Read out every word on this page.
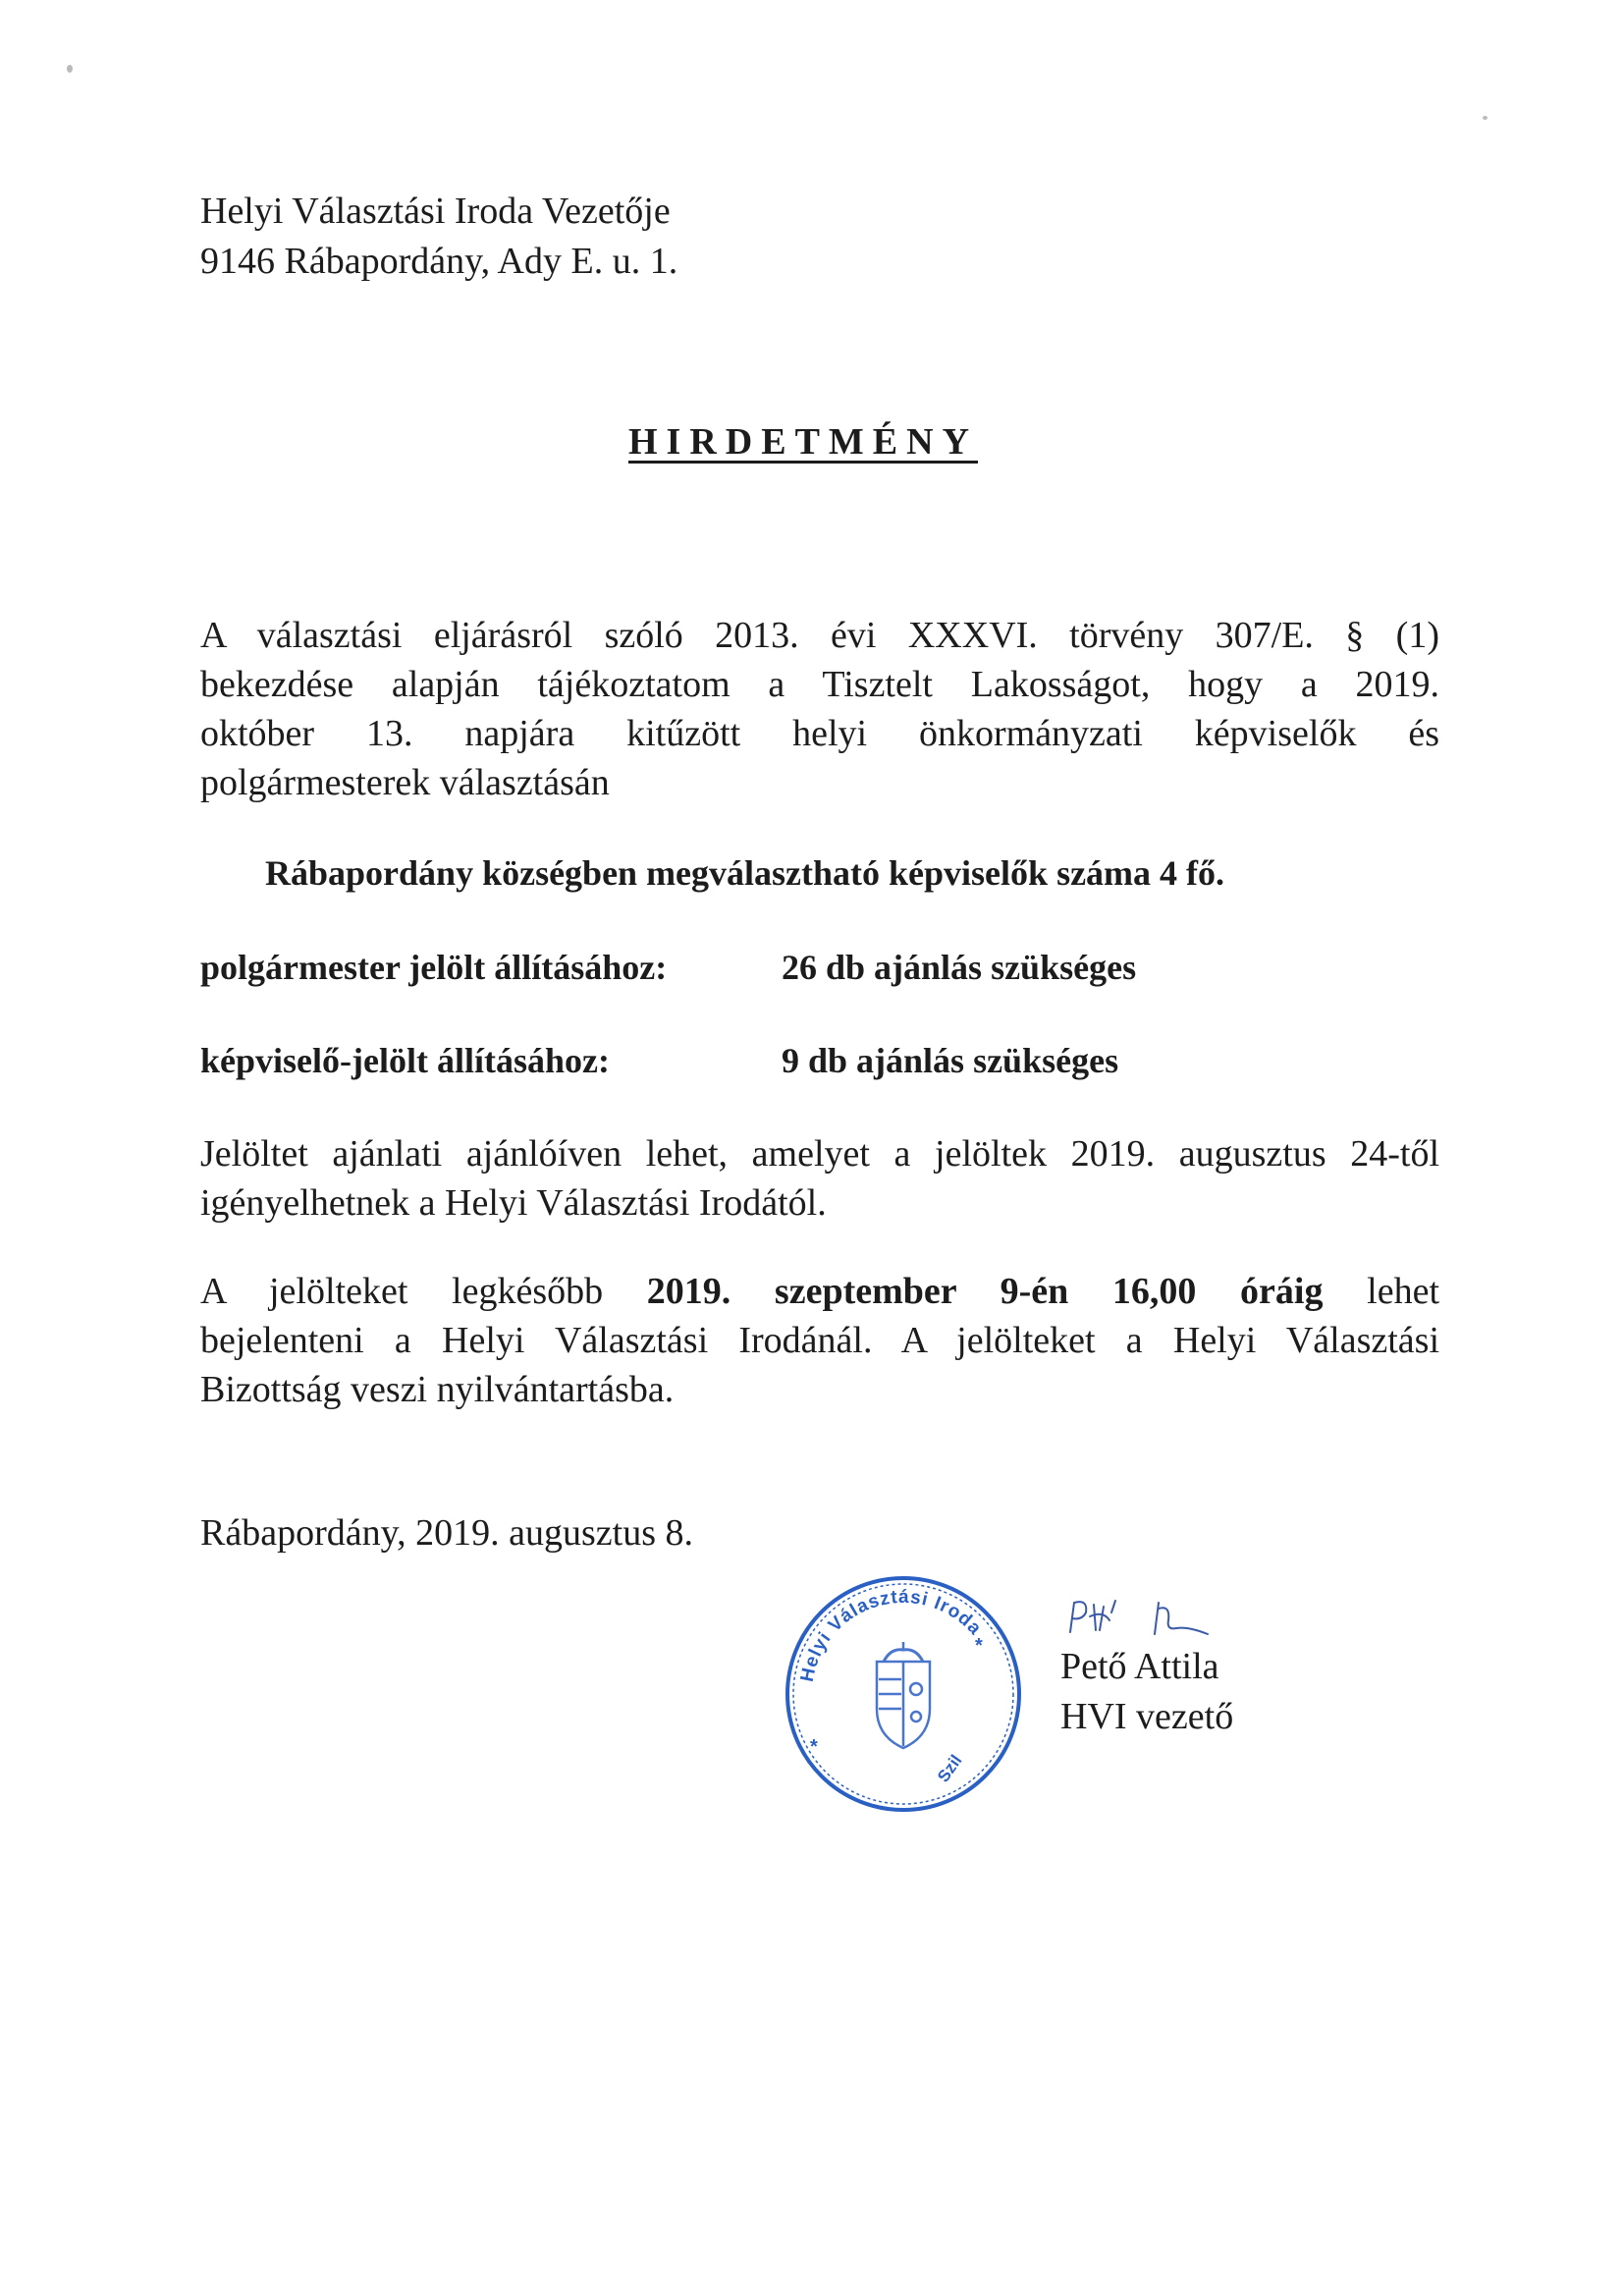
Helyi Választási Iroda Vezetője
9146 Rábapordány, Ady E. u. 1.
HIRDETMÉNY
A választási eljárásról szóló 2013. évi XXXVI. törvény 307/E. § (1)
bekezdése alapján tájékoztatom a Tisztelt Lakosságot, hogy a 2019.
október 13. napjára kitűzött helyi önkormányzati képviselők és
polgármesterek választásán
Rábapordány községben megválasztható képviselők száma 4 fő.
polgármester jelölt állításához:	26 db ajánlás szükséges
képviselő-jelölt állításához:	9 db ajánlás szükséges
Jelöltet ajánlati ajánlóíven lehet, amelyet a jelöltek 2019. augusztus 24-től
igényelhetnek a Helyi Választási Irodától.
A jelölteket legkésőbb 2019. szeptember 9-én 16,00 óráig lehet
bejelenteni a Helyi Választási Irodánál. A jelölteket a Helyi Választási
Bizottság veszi nyilvántartásba.
Rábapordány, 2019. augusztus 8.
Helyi Választási Iroda
*
*
Szil
Pető Attila
HVI vezető
